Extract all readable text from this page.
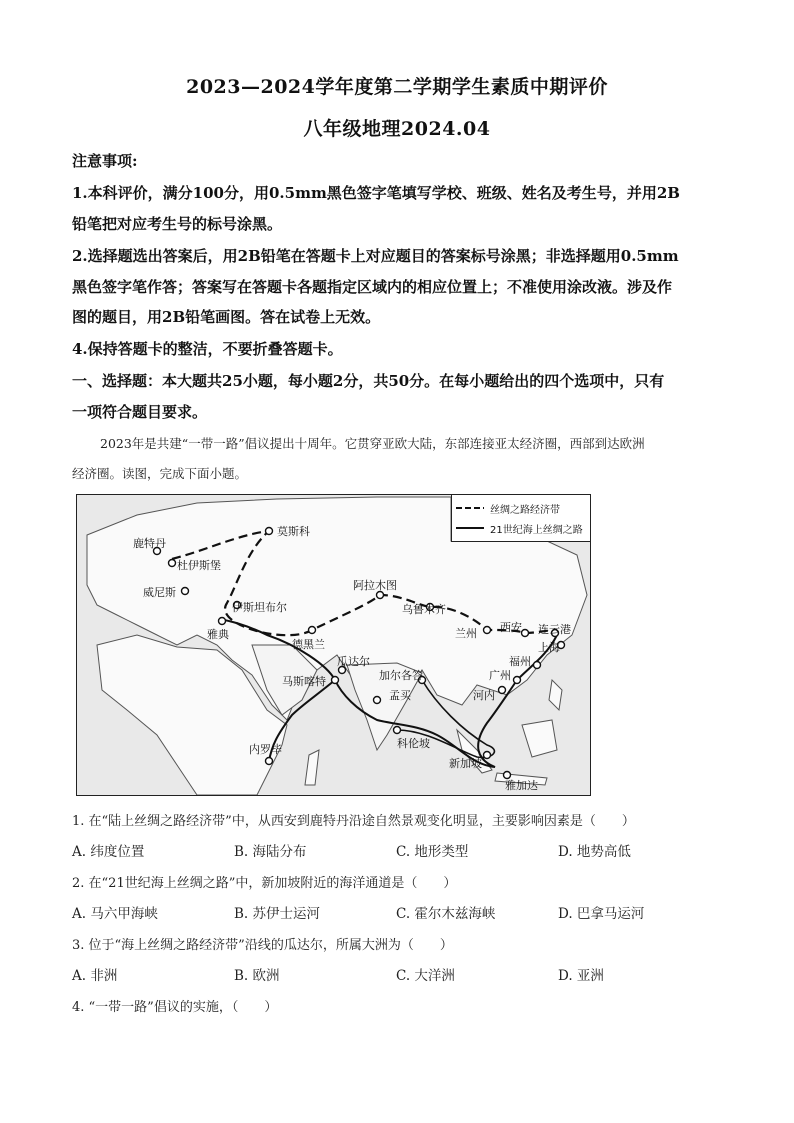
2023—2024学年度第二学期学生素质中期评价
八年级地理2024.04
注意事项:
1.本科评价，满分100分，用0.5mm黑色签字笔填写学校、班级、姓名及考生号，并用2B
铅笔把对应考生号的标号涂黑。
2.选择题选出答案后，用2B铅笔在答题卡上对应题目的答案标号涂黑；非选择题用0.5mm
黑色签字笔作答；答案写在答题卡各题指定区域内的相应位置上；不准使用涂改液。涉及作
图的题目，用2B铅笔画图。答在试卷上无效。
4.保持答题卡的整洁，不要折叠答题卡。
一、选择题：本大题共25小题，每小题2分，共50分。在每小题给出的四个选项中，只有
一项符合题目要求。
2023年是共建“一带一路”倡议提出十周年。它贯穿亚欧大陆，东部连接亚太经济圈，西部到达欧洲
经济圈。读图，完成下面小题。
丝绸之路经济带
21世纪海上丝绸之路
莫斯科
鹿特丹
杜伊斯堡
威尼斯
伊斯坦布尔
雅典
德黑兰
阿拉木图
乌鲁木齐
兰州 西安 连云港
上海
福州
广州
河内
瓜达尔
加尔各答
马斯喀特
孟买
科伦坡
内罗毕
新加坡
雅加达
1. 在“陆上丝绸之路经济带”中，从西安到鹿特丹沿途自然景观变化明显，主要影响因素是（　　）
A. 纬度位置	B. 海陆分布	C. 地形类型	D. 地势高低
2. 在“21世纪海上丝绸之路”中，新加坡附近的海洋通道是（　　）
A. 马六甲海峡	B. 苏伊士运河	C. 霍尔木兹海峡	D. 巴拿马运河
3. 位于“海上丝绸之路经济带”沿线的瓜达尔，所属大洲为（　　）
A. 非洲	B. 欧洲	C. 大洋洲	D. 亚洲
4. “一带一路”倡议的实施，（　　）
